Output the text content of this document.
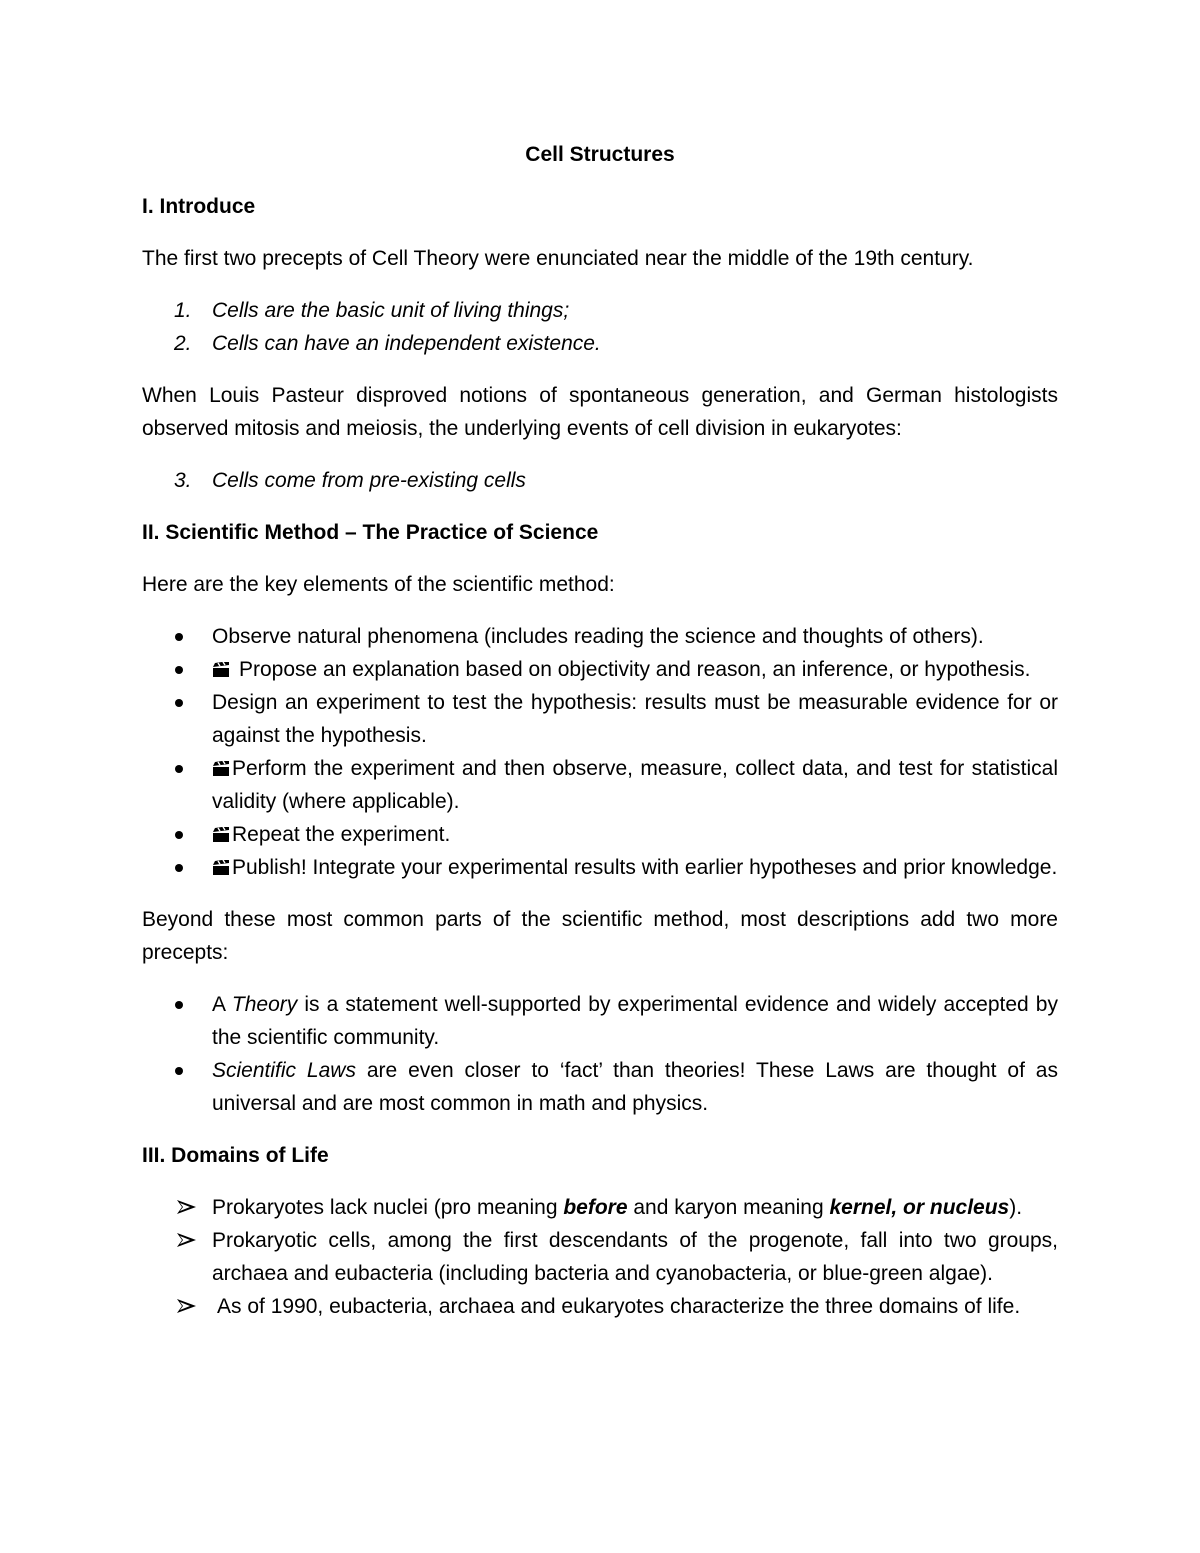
Cell Structures
I. Introduce
The first two precepts of Cell Theory were enunciated near the middle of the 19th century.
1. Cells are the basic unit of living things;
2. Cells can have an independent existence.
When Louis Pasteur disproved notions of spontaneous generation, and German histologists observed mitosis and meiosis, the underlying events of cell division in eukaryotes:
3. Cells come from pre-existing cells
II. Scientific Method – The Practice of Science
Here are the key elements of the scientific method:
Observe natural phenomena (includes reading the science and thoughts of others).
Propose an explanation based on objectivity and reason, an inference, or hypothesis.
Design an experiment to test the hypothesis: results must be measurable evidence for or against the hypothesis.
Perform the experiment and then observe, measure, collect data, and test for statistical validity (where applicable).
Repeat the experiment.
Publish! Integrate your experimental results with earlier hypotheses and prior knowledge.
Beyond these most common parts of the scientific method, most descriptions add two more precepts:
A Theory is a statement well-supported by experimental evidence and widely accepted by the scientific community.
Scientific Laws are even closer to ‘fact’ than theories! These Laws are thought of as universal and are most common in math and physics.
III. Domains of Life
Prokaryotes lack nuclei (pro meaning before and karyon meaning kernel, or nucleus).
Prokaryotic cells, among the first descendants of the progenote, fall into two groups, archaea and eubacteria (including bacteria and cyanobacteria, or blue-green algae).
As of 1990, eubacteria, archaea and eukaryotes characterize the three domains of life.
